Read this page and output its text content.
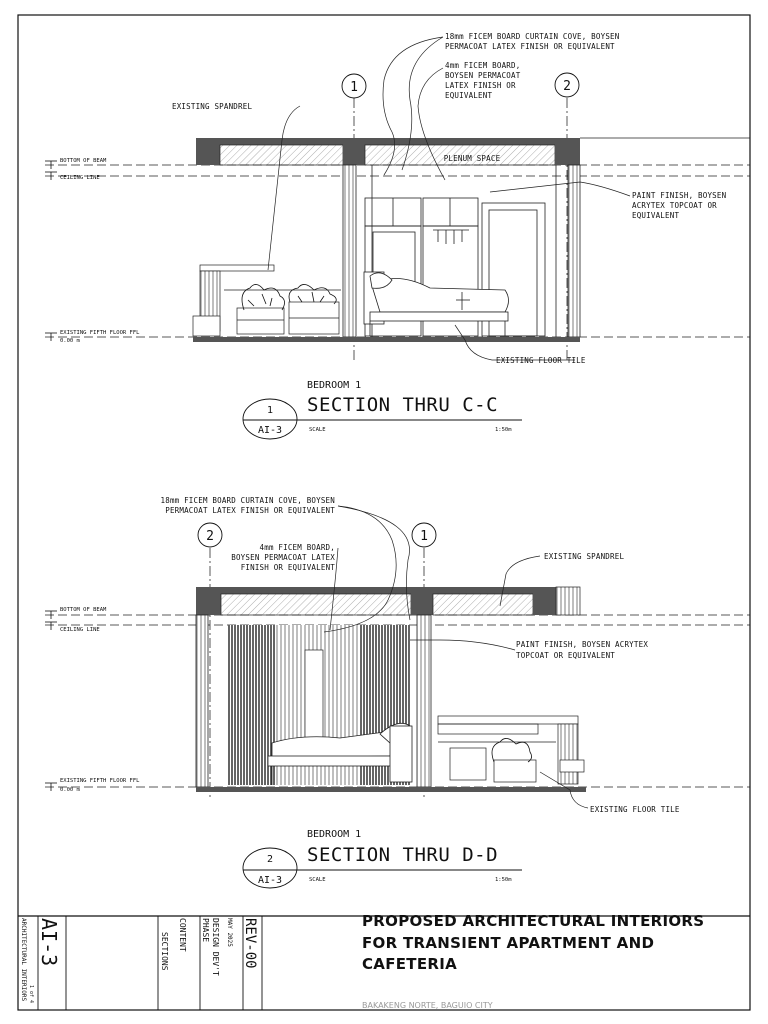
BOTTOM OF BEAM
CEILING LINE
EXISTING FIFTH FLOOR FFL
0.00 m
1	2
PLENUM SPACE
18mm FICEM BOARD CURTAIN COVE, BOYSEN
PERMACOAT LATEX FINISH OR EQUIVALENT
4mm FICEM BOARD,
BOYSEN PERMACOAT
LATEX FINISH OR
EQUIVALENT
EXISTING SPANDREL
PAINT FINISH, BOYSEN
ACRYTEX TOPCOAT OR
EQUIVALENT
EXISTING FLOOR TILE
BEDROOM 1
SECTION THRU C-C
1
AI-3	SCALE	1:50m
BOTTOM OF BEAM
CEILING LINE
EXISTING FIFTH FLOOR FFL
0.00 m
2	1
18mm FICEM BOARD CURTAIN COVE, BOYSEN
PERMACOAT LATEX FINISH OR EQUIVALENT
4mm FICEM BOARD,
BOYSEN PERMACOAT LATEX
FINISH OR EQUIVALENT
EXISTING SPANDREL
PAINT FINISH, BOYSEN ACRYTEX
TOPCOAT OR EQUIVALENT
EXISTING FLOOR TILE
BEDROOM 1
SECTION THRU D-D
2
AI-3	SCALE	1:50m
ARCHITECTURAL INTERIORS AI-3
1 of 4
CONTENT
SECTIONS
PHASE DESIGN DEV'T MAY 2025 REV-00	PROPOSED ARCHITECTURAL INTERIORS
FOR TRANSIENT APARTMENT AND
CAFETERIA
BAKAKENG NORTE, BAGUIO CITY
